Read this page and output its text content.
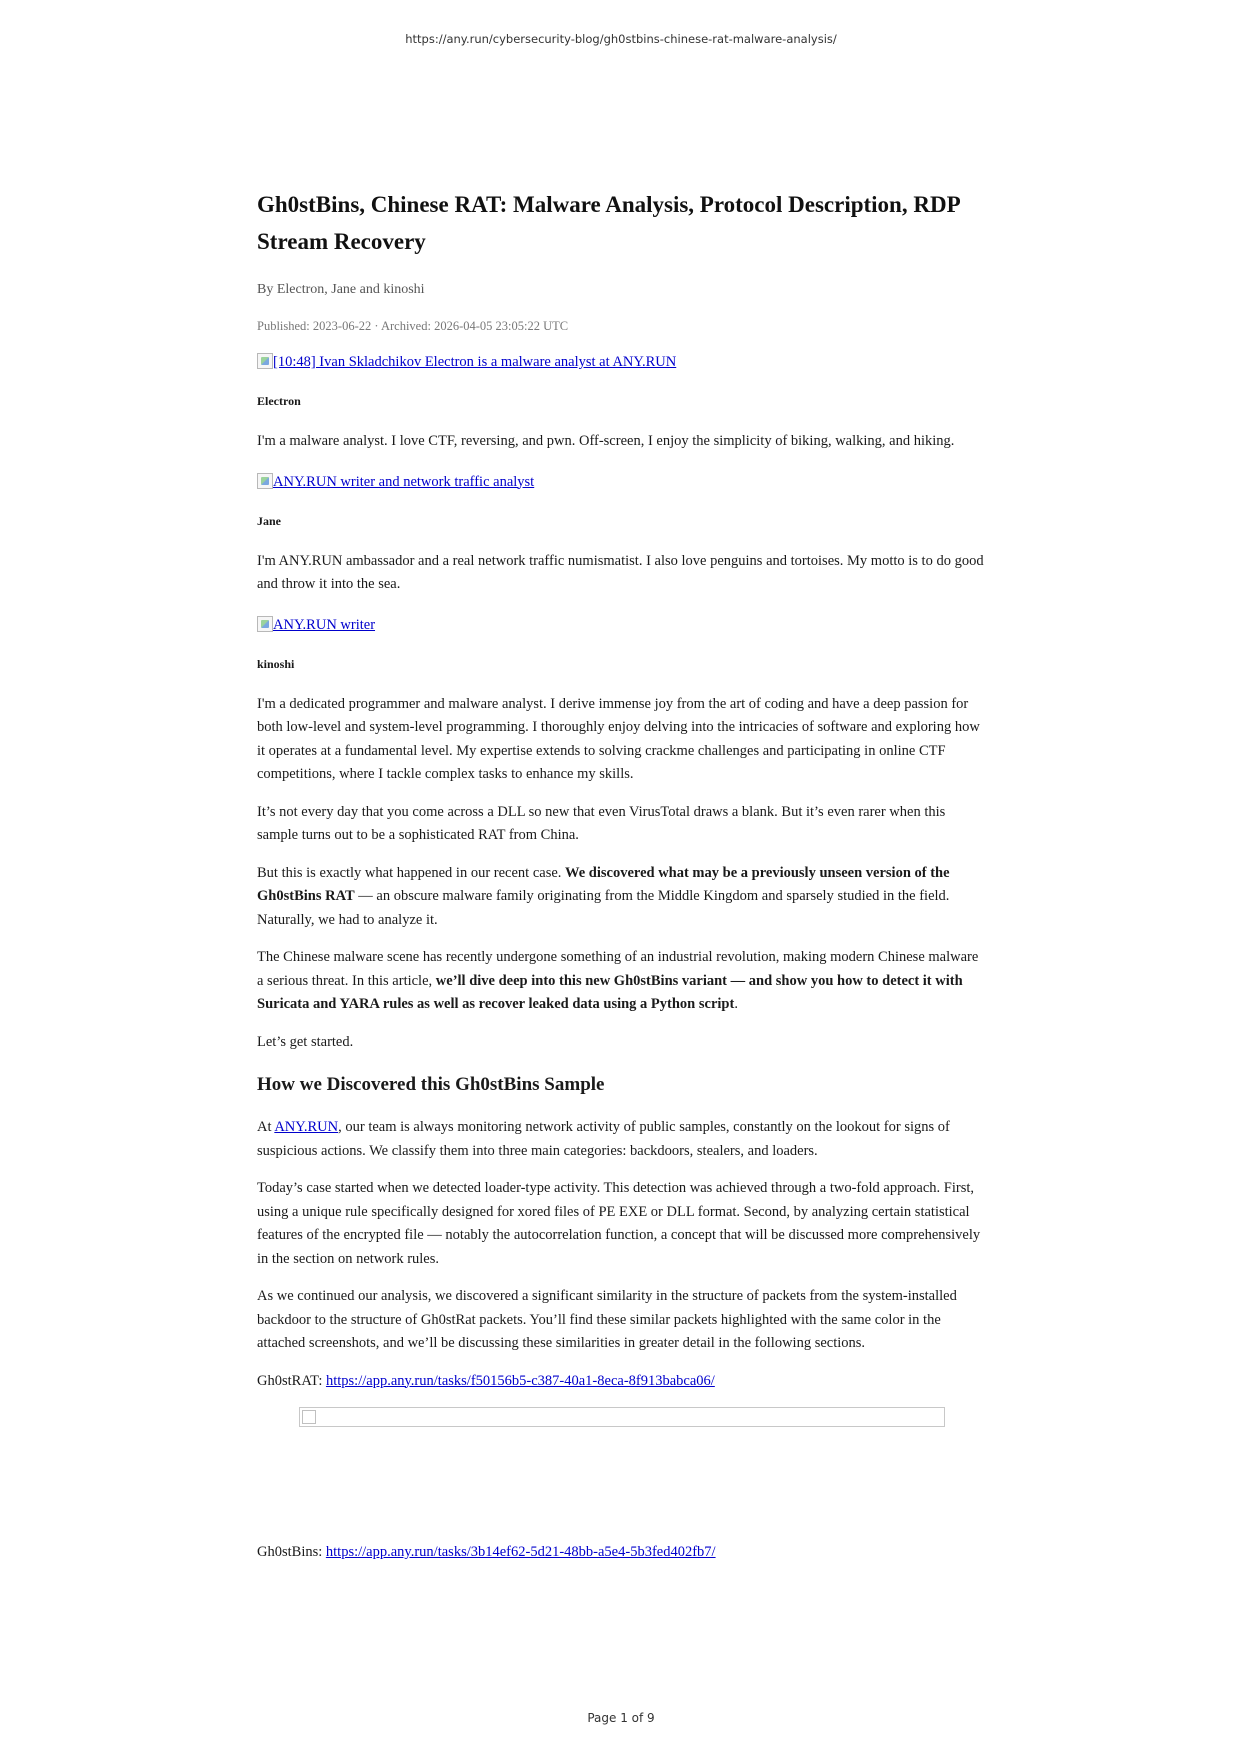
https://any.run/cybersecurity-blog/gh0stbins-chinese-rat-malware-analysis/
Gh0stBins, Chinese RAT: Malware Analysis, Protocol Description, RDP Stream Recovery
By Electron, Jane and kinoshi
Published: 2023-06-22 · Archived: 2026-04-05 23:05:22 UTC
[10:48] Ivan Skladchikov Electron is a malware analyst at ANY.RUN
Electron

I'm a malware analyst. I love CTF, reversing, and pwn. Off-screen, I enjoy the simplicity of biking, walking, and hiking.

ANY.RUN writer and network traffic analyst
Jane

I'm ANY.RUN ambassador and a real network traffic numismatist. I also love penguins and tortoises. My motto is to do good and throw it into the sea.

ANY.RUN writer
kinoshi

I'm a dedicated programmer and malware analyst. I derive immense joy from the art of coding and have a deep passion for both low-level and system-level programming. I thoroughly enjoy delving into the intricacies of software and exploring how it operates at a fundamental level. My expertise extends to solving crackme challenges and participating in online CTF competitions, where I tackle complex tasks to enhance my skills.

It’s not every day that you come across a DLL so new that even VirusTotal draws a blank. But it’s even rarer when this sample turns out to be a sophisticated RAT from China.

But this is exactly what happened in our recent case. We discovered what may be a previously unseen version of the Gh0stBins RAT — an obscure malware family originating from the Middle Kingdom and sparsely studied in the field. Naturally, we had to analyze it.

The Chinese malware scene has recently undergone something of an industrial revolution, making modern Chinese malware a serious threat. In this article, we’ll dive deep into this new Gh0stBins variant — and show you how to detect it with Suricata and YARA rules as well as recover leaked data using a Python script.

Let’s get started.

How we Discovered this Gh0stBins Sample

At ANY.RUN, our team is always monitoring network activity of public samples, constantly on the lookout for signs of suspicious actions. We classify them into three main categories: backdoors, stealers, and loaders.

Today’s case started when we detected loader-type activity. This detection was achieved through a two-fold approach. First, using a unique rule specifically designed for xored files of PE EXE or DLL format. Second, by analyzing certain statistical features of the encrypted file — notably the autocorrelation function, a concept that will be discussed more comprehensively in the section on network rules.

As we continued our analysis, we discovered a significant similarity in the structure of packets from the system-installed backdoor to the structure of Gh0stRat packets. You’ll find these similar packets highlighted with the same color in the attached screenshots, and we’ll be discussing these similarities in greater detail in the following sections.

Gh0stRAT: https://app.any.run/tasks/f50156b5-c387-40a1-8eca-8f913babca06/

Gh0stBins: https://app.any.run/tasks/3b14ef62-5d21-48bb-a5e4-5b3fed402fb7/

Page 1 of 9
